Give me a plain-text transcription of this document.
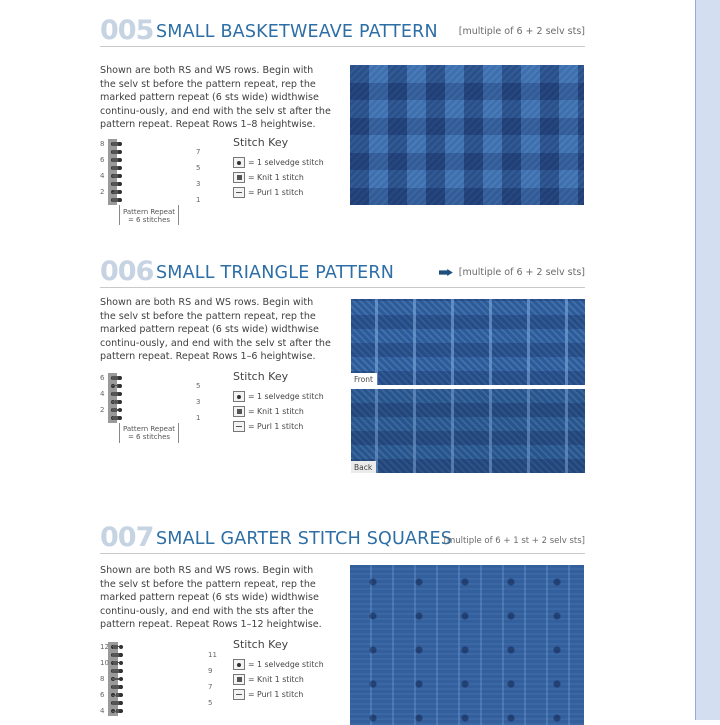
005 SMALL BASKETWEAVE PATTERN [multiple of 6 + 2 selv sts]
Shown are both RS and WS rows. Begin with the selv st before the pattern repeat, rep the marked pattern repeat (6 sts wide) widthwise continu-ously, and end with the selv st after the pattern repeat. Repeat Rows 1–8 heightwise.

8
6
4
2
7
5
3
1
Pattern Repeat = 6 stitches
Stitch Key
= 1 selvedge stitch
= Knit 1 stitch
= Purl 1 stitch
006 SMALL TRIANGLE PATTERN	[multiple of 6 + 2 selv sts]
Shown are both RS and WS rows. Begin with the selv st before the pattern repeat, rep the marked pattern repeat (6 sts wide) widthwise continu-ously, and end with the selv st after the pattern repeat. Repeat Rows 1–6 heightwise.

6
4
2
5
3
1
Pattern Repeat = 6 stitches
Stitch Key
= 1 selvedge stitch
= Knit 1 stitch
= Purl 1 stitch
Front
Back
007 SMALL GARTER STITCH SQUARES
[multiple of 6 + 1 st + 2 selv sts]
Shown are both RS and WS rows. Begin with the selv st before the pattern repeat, rep the marked pattern repeat (6 sts wide) widthwise continu-ously, and end with the sts after the pattern repeat. Repeat Rows 1–12 heightwise.

12
10
8
6
4
11
9
7
5
Stitch Key
= 1 selvedge stitch
= Knit 1 stitch
= Purl 1 stitch
